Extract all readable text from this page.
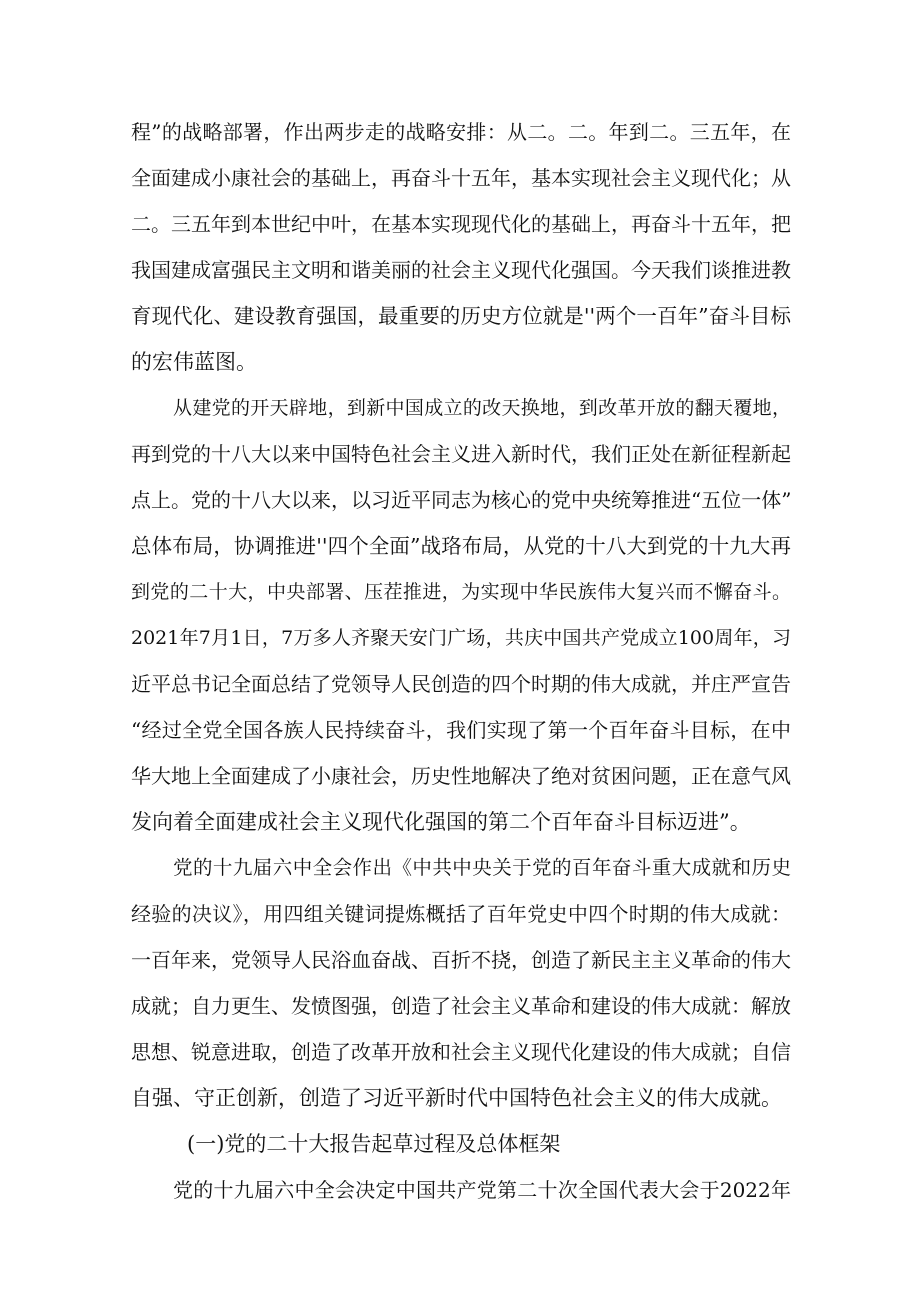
程”的战略部署，作出两步走的战略安排：从二。二。年到二。三五年，在
全面建成小康社会的基础上，再奋斗十五年，基本实现社会主义现代化；从
二。三五年到本世纪中叶，在基本实现现代化的基础上，再奋斗十五年，把
我国建成富强民主文明和谐美丽的社会主义现代化强国。今天我们谈推进教
育现代化、建设教育强国，最重要的历史方位就是''两个一百年”奋斗目标
的宏伟蓝图。
从建党的开天辟地，到新中国成立的改天换地，到改革开放的翻天覆地，
再到党的十八大以来中国特色社会主义进入新时代，我们正处在新征程新起
点上。党的十八大以来，以习近平同志为核心的党中央统筹推进“五位一体”
总体布局，协调推进''四个全面”战珞布局，从党的十八大到党的十九大再
到党的二十大，中央部署、压茬推进，为实现中华民族伟大复兴而不懈奋斗。
2021年7月1日，7万多人齐聚天安门广场，共庆中国共产党成立100周年，习
近平总书记全面总结了党领导人民创造的四个时期的伟大成就，并庄严宣告
“经过全党全国各族人民持续奋斗，我们实现了第一个百年奋斗目标，在中
华大地上全面建成了小康社会，历史性地解决了绝对贫困问题，正在意气风
发向着全面建成社会主义现代化强国的第二个百年奋斗目标迈进”。
党的十九届六中全会作出《中共中央关于党的百年奋斗重大成就和历史
经验的决议》，用四组关键词提炼概括了百年党史中四个时期的伟大成就：
一百年来，党领导人民浴血奋战、百折不挠，创造了新民主主义革命的伟大
成就；自力更生、发愤图强，创造了社会主义革命和建设的伟大成就：解放
思想、锐意进取，创造了改革开放和社会主义现代化建设的伟大成就；自信
自强、守正创新，创造了习近平新时代中国特色社会主义的伟大成就。
(一)党的二十大报告起草过程及总体框架
党的十九届六中全会决定中国共产党第二十次全国代表大会于2022年
